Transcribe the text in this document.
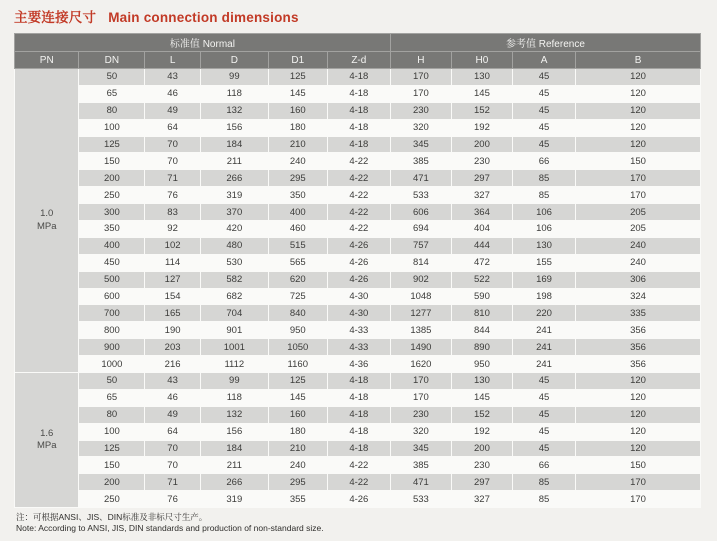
主要连接尺寸 Main connection dimensions
标准值 Normal						参考值 Reference			
PN	DN	L	D	D1	Z-d	H	H0	A	B

1.0
MPa	50	43	99	125	4-18	170	130	45	120
	65	46	118	145	4-18	170	145	45	120
	80	49	132	160	4-18	230	152	45	120
	100	64	156	180	4-18	320	192	45	120
	125	70	184	210	4-18	345	200	45	120
	150	70	211	240	4-22	385	230	66	150
	200	71	266	295	4-22	471	297	85	170
	250	76	319	350	4-22	533	327	85	170
	300	83	370	400	4-22	606	364	106	205
	350	92	420	460	4-22	694	404	106	205
	400	102	480	515	4-26	757	444	130	240
	450	114	530	565	4-26	814	472	155	240
	500	127	582	620	4-26	902	522	169	306
	600	154	682	725	4-30	1048	590	198	324
	700	165	704	840	4-30	1277	810	220	335
	800	190	901	950	4-33	1385	844	241	356
	900	203	1001	1050	4-33	1490	890	241	356
	1000	216	1112	1160	4-36	1620	950	241	356

1.6
MPa	50	43	99	125	4-18	170	130	45	120
	65	46	118	145	4-18	170	145	45	120
	80	49	132	160	4-18	230	152	45	120
	100	64	156	180	4-18	320	192	45	120
	125	70	184	210	4-18	345	200	45	120
	150	70	211	240	4-22	385	230	66	150
	200	71	266	295	4-22	471	297	85	170
	250	76	319	355	4-26	533	327	85	170
注：可根据ANSI、JIS、DIN标准及非标尺寸生产。
Note: According to ANSI, JIS, DIN standards and production of non-standard size.
